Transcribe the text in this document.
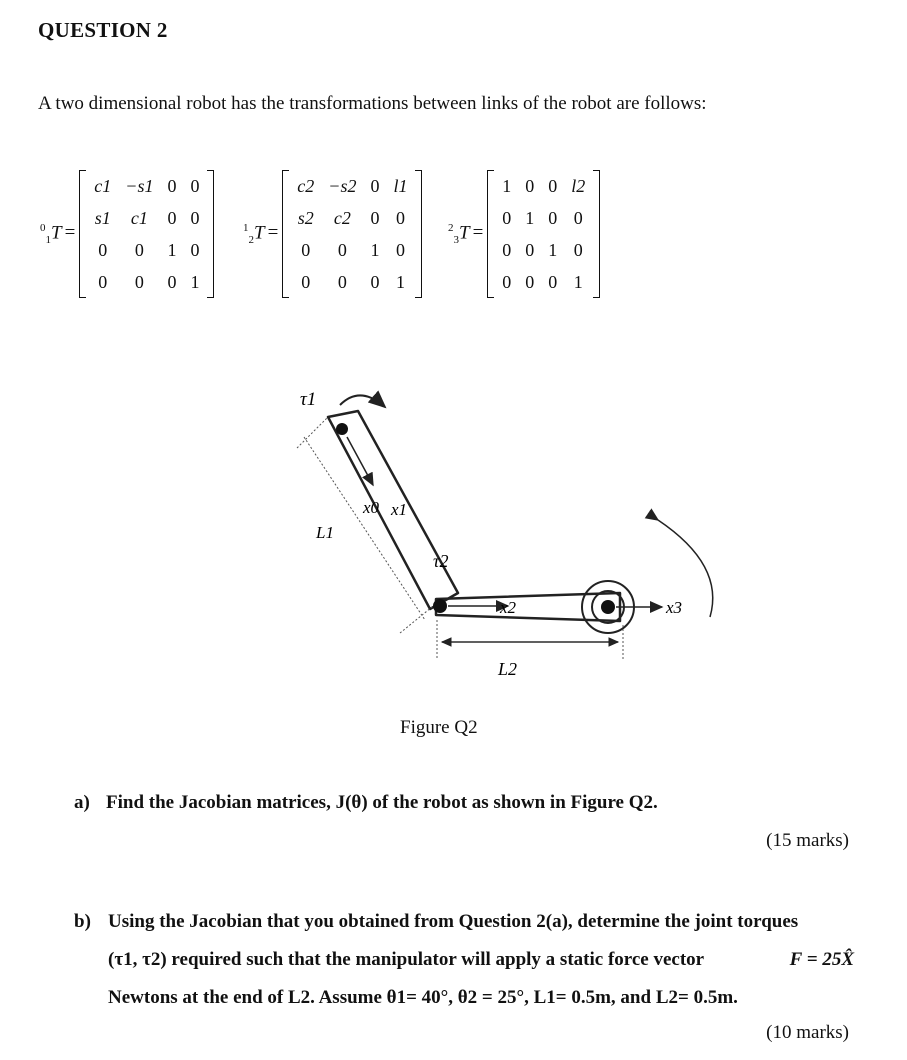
QUESTION 2
A two dimensional robot has the transformations between links of the robot are follows:
$^0_1$T =
c1	−s1	0	0
s1	c1	0	0
0	0	1	0
0	0	0	1
$^1_2$T =
c2	−s2	0	l1
s2	c2	0	0
0	0	1	0
0	0	0	1
$^2_3$T =
1	0	0	l2
0	1	0	0
0	0	1	0
0	0	0	1
τ1
x0 x1
L1
τ2
x2	x3
L2
Figure Q2
a) Find the Jacobian matrices, J(θ) of the robot as shown in Figure Q2.
(15 marks)
b) Using the Jacobian that you obtained from Question 2(a), determine the joint torques
(τ1, τ2) required such that the manipulator will apply a static force vector	F = 25X̂
Newtons at the end of L2. Assume θ1= 40°, θ2 = 25°, L1= 0.5m, and L2= 0.5m.
(10 marks)
